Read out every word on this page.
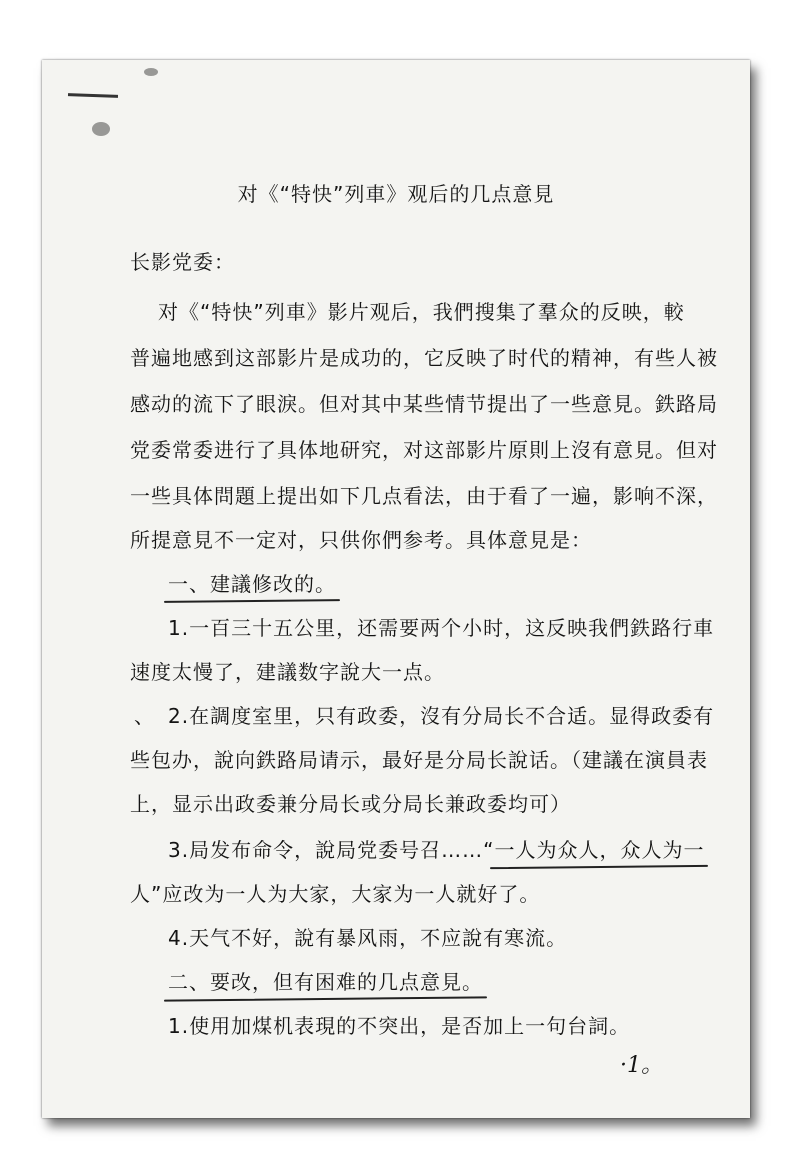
对《“特快”列車》观后的几点意見
长影党委：
对《“特快”列車》影片观后，我們搜集了羣众的反映，較
普遍地感到这部影片是成功的，它反映了时代的精神，有些人被
感动的流下了眼淚。但对其中某些情节提出了一些意見。鉄路局
党委常委进行了具体地研究，对这部影片原則上沒有意見。但对
一些具体問題上提出如下几点看法，由于看了一遍，影响不深，
所提意見不一定对，只供你們参考。具体意見是：
一、建議修改的。
1.一百三十五公里，还需要两个小时，这反映我們鉄路行車
速度太慢了，建議数字說大一点。
、 2.在調度室里，只有政委，沒有分局长不合适。显得政委有
些包办，說向鉄路局请示，最好是分局长說话。（建議在演員表
上，显示出政委兼分局长或分局长兼政委均可）
3.局发布命令，說局党委号召……“一人为众人，众人为一
人”应改为一人为大家，大家为一人就好了。
4.天气不好，說有暴风雨，不应說有寒流。
二、要改，但有困难的几点意見。
1.使用加煤机表現的不突出，是否加上一句台詞。
·1。
